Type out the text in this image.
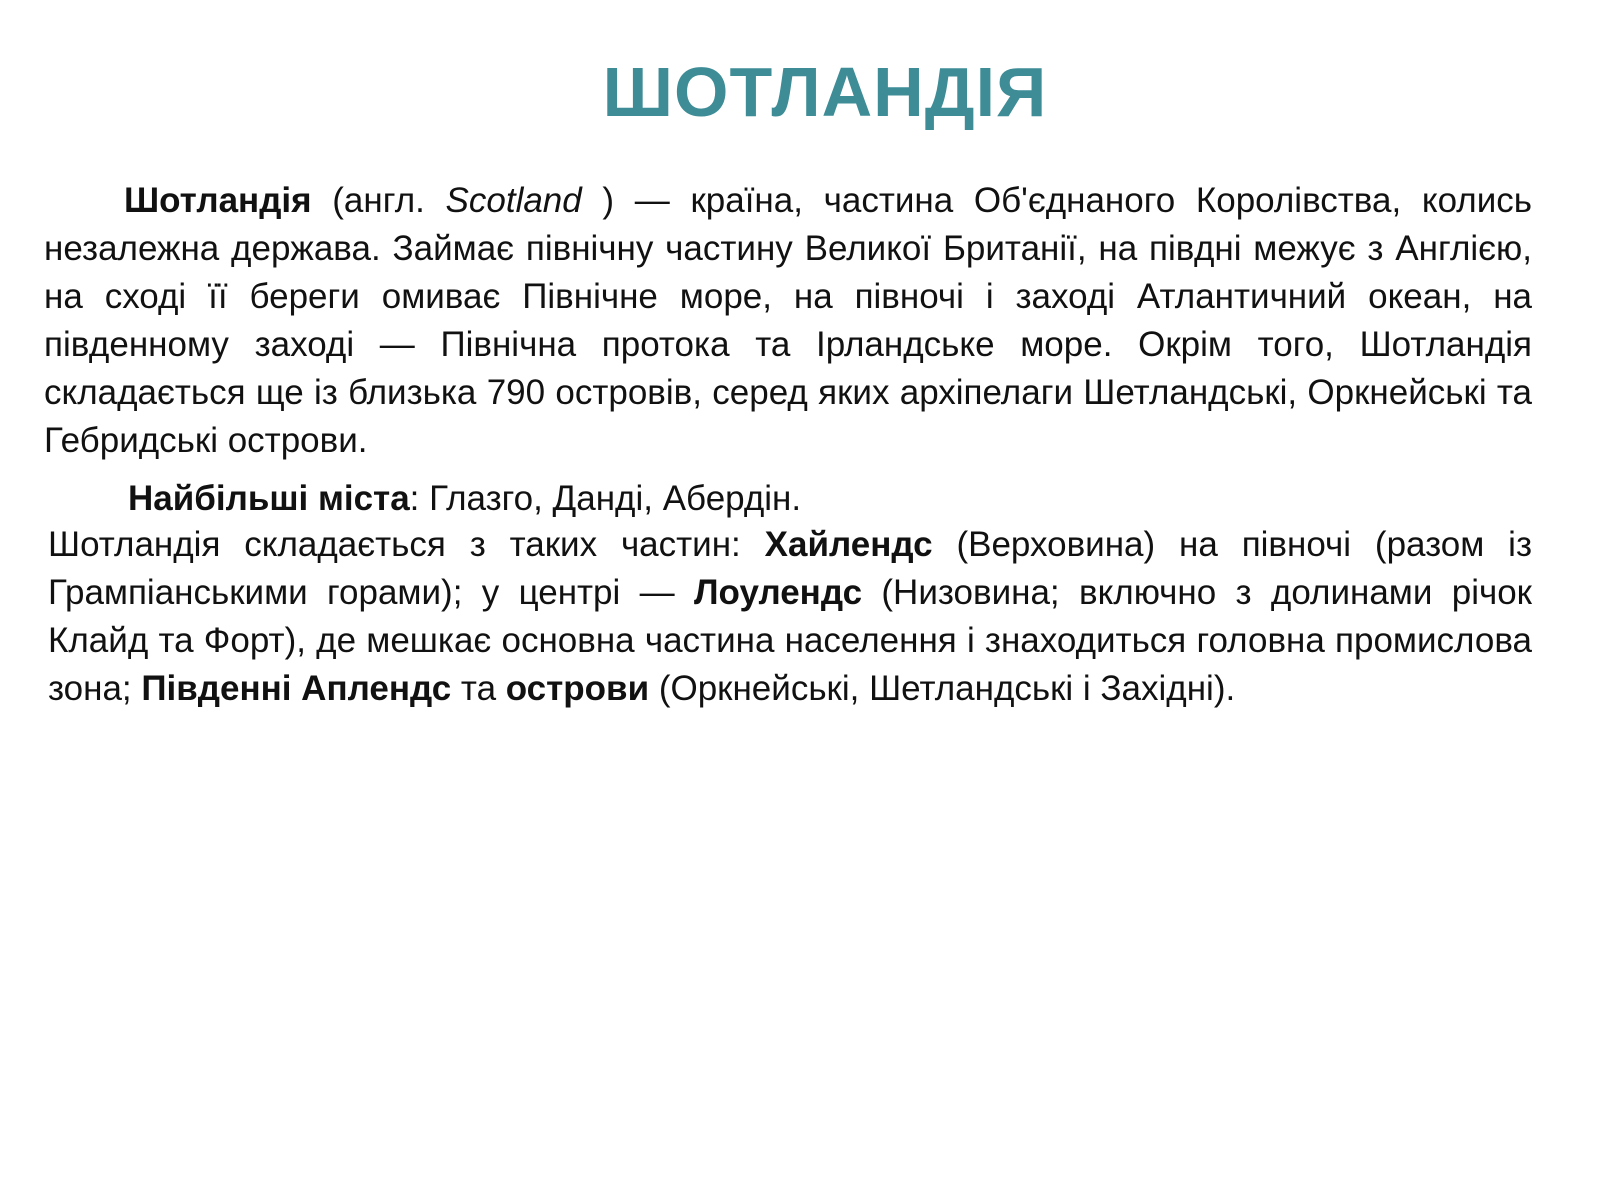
ШОТЛАНДІЯ

Шотландія (англ. Scotland ) — країна, частина Об'єднаного Королівства, колись незалежна держава. Займає північну частину Великої Британії, на півдні межує з Англією, на сході її береги омиває Північне море, на півночі і заході Атлантичний океан, на південному заході — Північна протока та Ірландське море. Окрім того, Шотландія складається ще із близька 790 островів, серед яких архіпелаги Шетландські, Оркнейські та Гебридські острови.

Найбільші міста: Глазго, Данді, Абердін.

Шотландія складається з таких частин: Хайлендс (Верховина) на півночі (разом із Грампіанськими горами); у центрі — Лоулендс (Низовина; включно з долинами річок Клайд та Форт), де мешкає основна частина населення і знаходиться головна промислова зона; Південні Аплендс та острови (Оркнейські, Шетландські і Західні).
